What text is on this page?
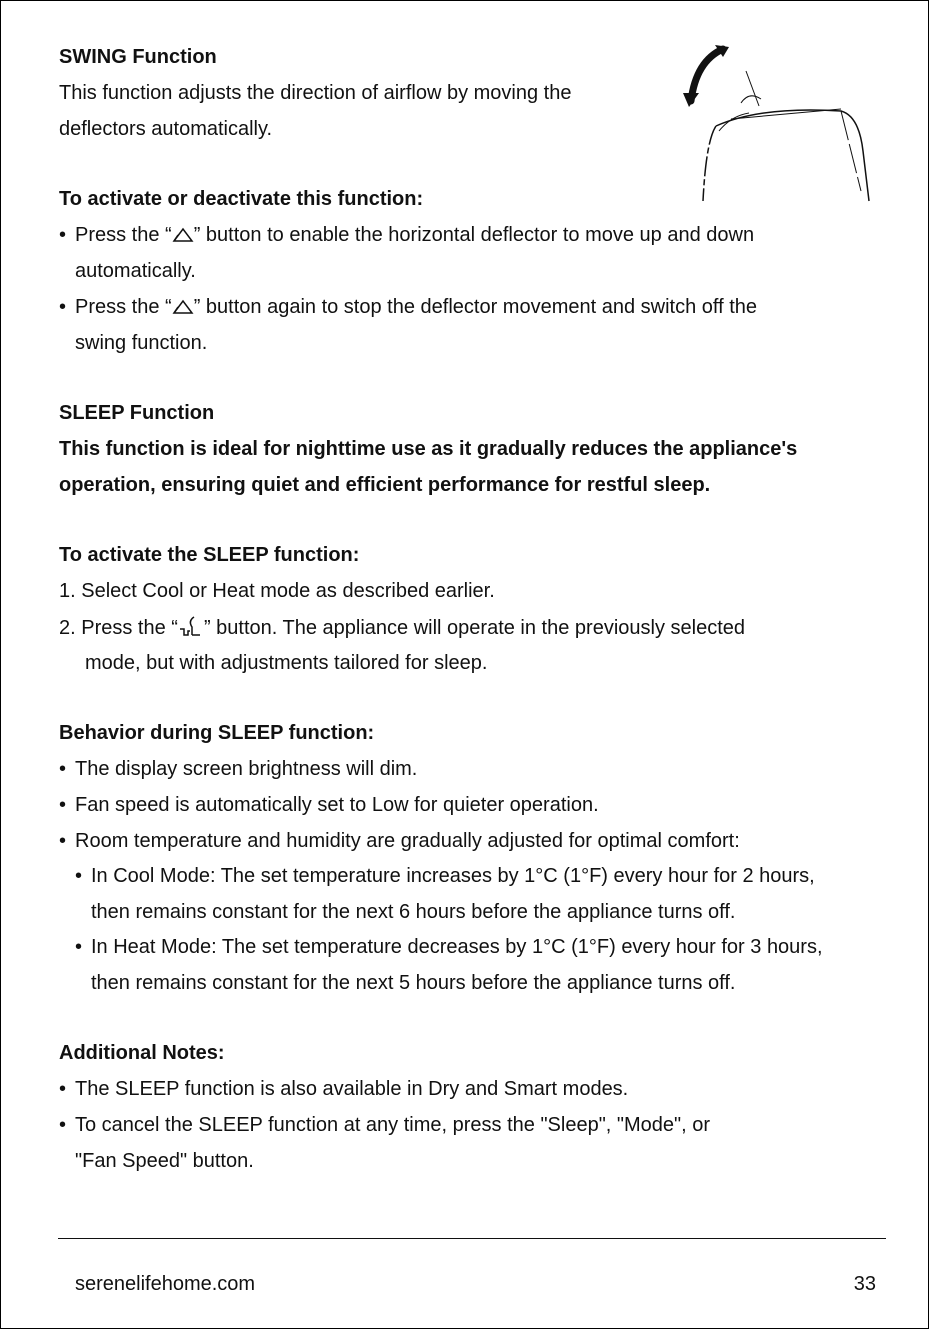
SWING Function
This function adjusts the direction of airflow by moving the
deflectors automatically.
To activate or deactivate this function:
• Press the “ ” button to enable the horizontal deflector to move up and down
automatically.
• Press the “ ” button again to stop the deflector movement and switch off the
swing function.
SLEEP Function
This function is ideal for nighttime use as it gradually reduces the appliance's
operation, ensuring quiet and efficient performance for restful sleep.
To activate the SLEEP function:
1. Select Cool or Heat mode as described earlier.
2. Press the “ ” button. The appliance will operate in the previously selected
mode, but with adjustments tailored for sleep.
Behavior during SLEEP function:
• The display screen brightness will dim.
• Fan speed is automatically set to Low for quieter operation.
• Room temperature and humidity are gradually adjusted for optimal comfort:
• In Cool Mode: The set temperature increases by 1°C (1°F) every hour for 2 hours,
then remains constant for the next 6 hours before the appliance turns off.
• In Heat Mode: The set temperature decreases by 1°C (1°F) every hour for 3 hours,
then remains constant for the next 5 hours before the appliance turns off.
Additional Notes:
• The SLEEP function is also available in Dry and Smart modes.
• To cancel the SLEEP function at any time, press the "Sleep", "Mode", or
"Fan Speed" button.
serenelifehome.com	33
